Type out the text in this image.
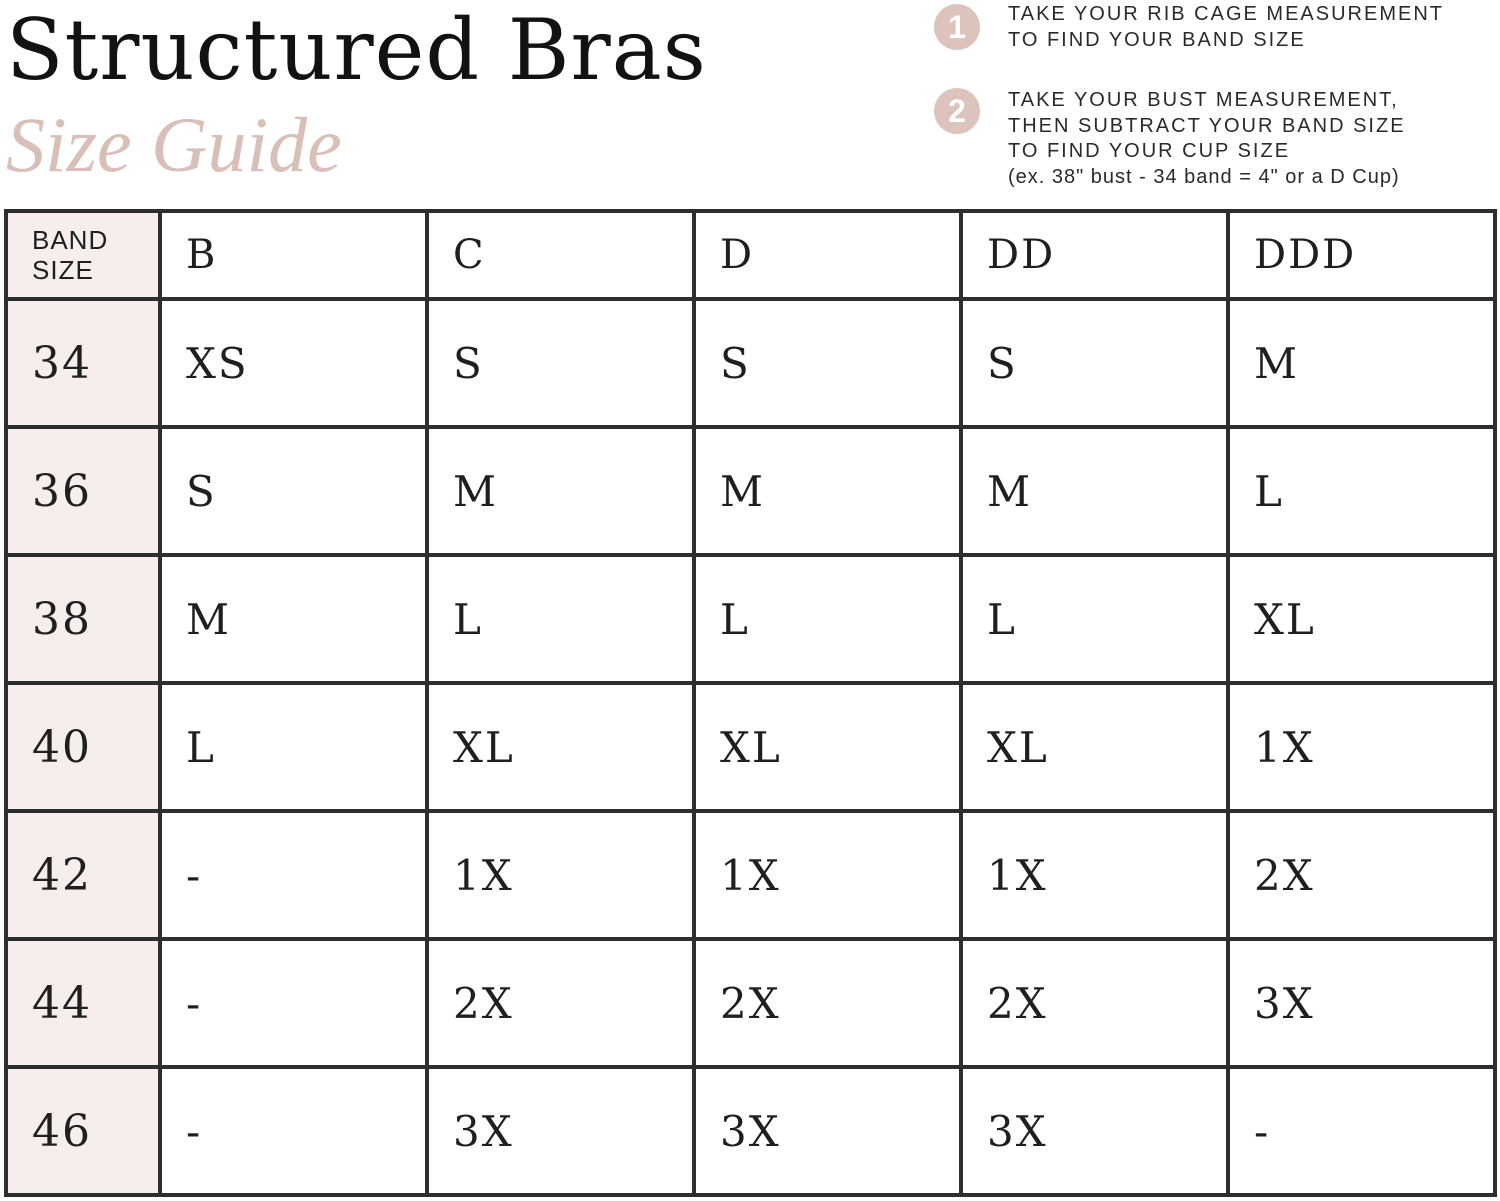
Structured Bras
Size Guide
1	TAKE YOUR RIB CAGE MEASUREMENT
TO FIND YOUR BAND SIZE
2	TAKE YOUR BUST MEASUREMENT,
THEN SUBTRACT YOUR BAND SIZE
TO FIND YOUR CUP SIZE
(ex. 38" bust - 34 band = 4" or a D Cup)
BAND
SIZE	B	C	D	DD	DDD
34	XS	S	S	S	M
36	S	M	M	M	L
38	M	L	L	L	XL
40	L	XL	XL	XL	1X
42	-	1X	1X	1X	2X
44	-	2X	2X	2X	3X
46	-	3X	3X	3X	-
